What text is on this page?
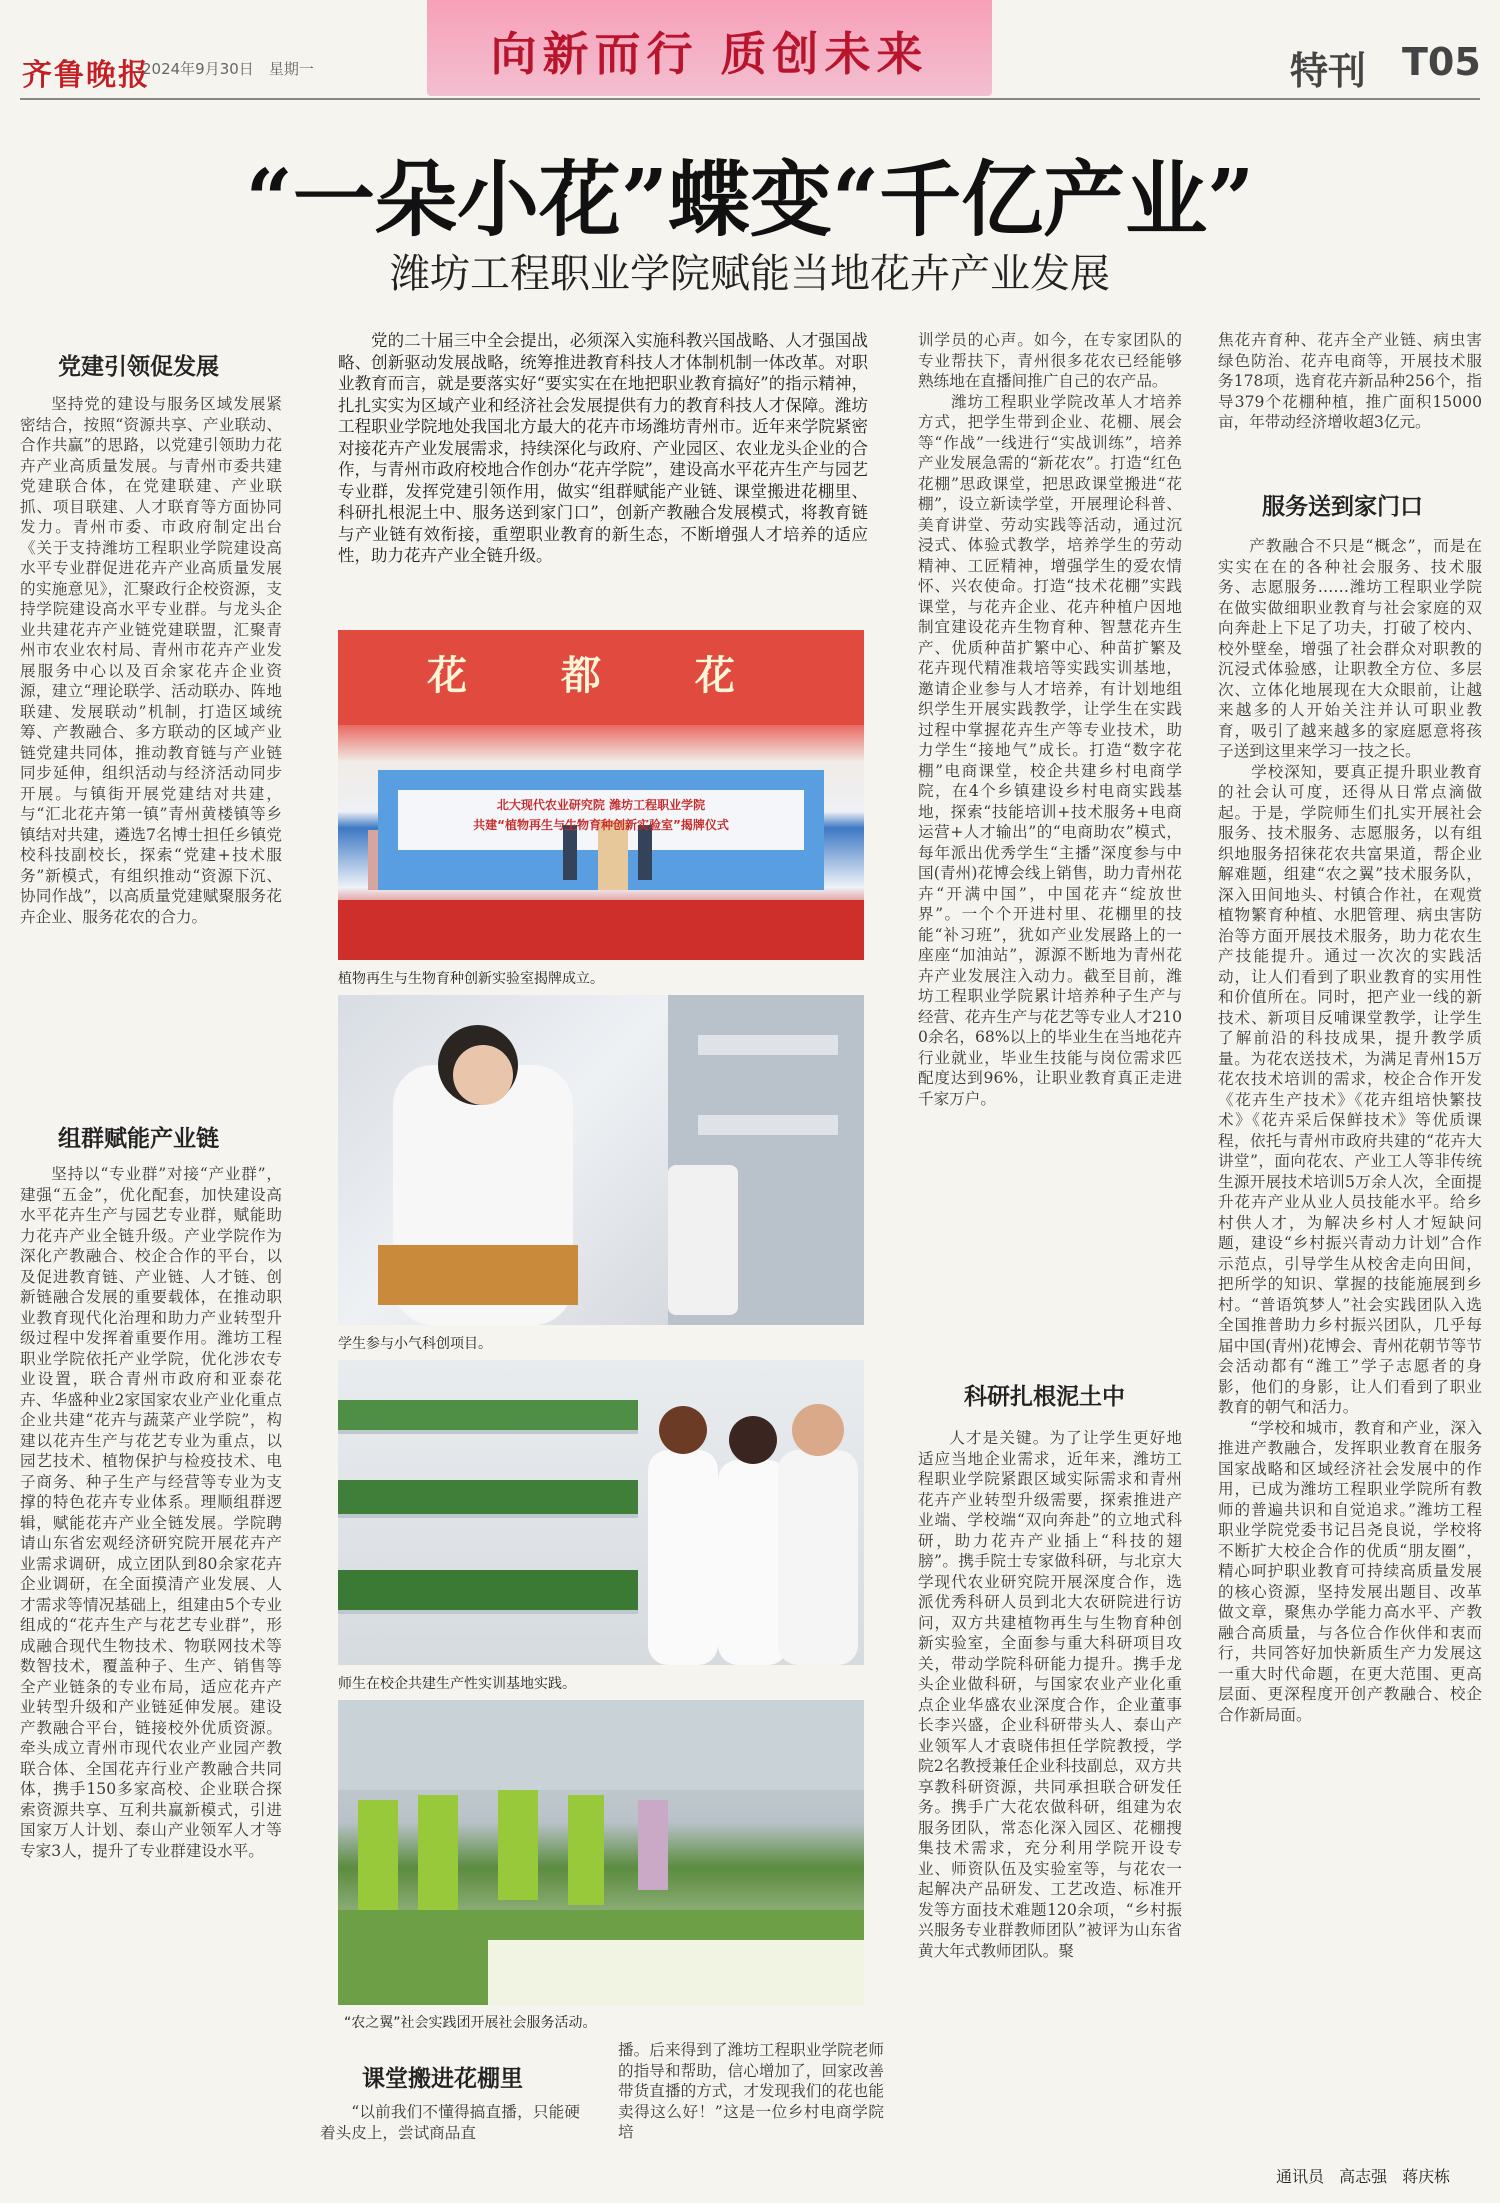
齐鲁晚报
2024年9月30日　 星期一	向新而行 质创未来	特刊 T05
“一朵小花”蝶变“千亿产业”
潍坊工程职业学院赋能当地花卉产业发展
党建引领促发展
坚持党的建设与服务区域发展紧密结合，按照“资源共享、产业联动、合作共赢”的思路，以党建引领助力花卉产业高质量发展。与青州市委共建党建联合体，在党建联建、产业联抓、项目联建、人才联育等方面协同发力。青州市委、市政府制定出台《关于支持潍坊工程职业学院建设高水平专业群促进花卉产业高质量发展的实施意见》，汇聚政行企校资源，支持学院建设高水平专业群。与龙头企业共建花卉产业链党建联盟，汇聚青州市农业农村局、青州市花卉产业发展服务中心以及百余家花卉企业资源，建立“理论联学、活动联办、阵地联建、发展联动”机制，打造区域统筹、产教融合、多方联动的区域产业链党建共同体，推动教育链与产业链同步延伸，组织活动与经济活动同步开展。与镇街开展党建结对共建，与“汇北花卉第一镇”青州黄楼镇等乡镇结对共建，遴选7名博士担任乡镇党校科技副校长，探索“党建+技术服务”新模式，有组织推动“资源下沉、协同作战”，以高质量党建赋聚服务花卉企业、服务花农的合力。
组群赋能产业链
坚持以“专业群”对接“产业群”，建强“五金”，优化配套，加快建设高水平花卉生产与园艺专业群，赋能助力花卉产业全链升级。产业学院作为深化产教融合、校企合作的平台，以及促进教育链、产业链、人才链、创新链融合发展的重要载体，在推动职业教育现代化治理和助力产业转型升级过程中发挥着重要作用。潍坊工程职业学院依托产业学院，优化涉农专业设置，联合青州市政府和亚泰花卉、华盛种业2家国家农业产业化重点企业共建“花卉与蔬菜产业学院”，构建以花卉生产与花艺专业为重点，以园艺技术、植物保护与检疫技术、电子商务、种子生产与经营等专业为支撑的特色花卉专业体系。理顺组群逻辑，赋能花卉产业全链发展。学院聘请山东省宏观经济研究院开展花卉产业需求调研，成立团队到80余家花卉企业调研，在全面摸清产业发展、人才需求等情况基础上，组建由5个专业组成的“花卉生产与花艺专业群”，形成融合现代生物技术、物联网技术等数智技术，覆盖种子、生产、销售等全产业链条的专业布局，适应花卉产业转型升级和产业链延伸发展。建设产教融合平台，链接校外优质资源。牵头成立青州市现代农业产业园产教联合体、全国花卉行业产教融合共同体，携手150多家高校、企业联合探索资源共享、互利共赢新模式，引进国家万人计划、泰山产业领军人才等专家3人，提升了专业群建设水平。
党的二十届三中全会提出，必须深入实施科教兴国战略、人才强国战略、创新驱动发展战略，统筹推进教育科技人才体制机制一体改革。对职业教育而言，就是要落实好“要实实在在地把职业教育搞好”的指示精神，扎扎实实为区域产业和经济社会发展提供有力的教育科技人才保障。潍坊工程职业学院地处我国北方最大的花卉市场潍坊青州市。近年来学院紧密对接花卉产业发展需求，持续深化与政府、产业园区、农业龙头企业的合作，与青州市政府校地合作创办“花卉学院”，建设高水平花卉生产与园艺专业群，发挥党建引领作用，做实“组群赋能产业链、课堂搬进花棚里、科研扎根泥土中、服务送到家门口”，创新产教融合发展模式，将教育链与产业链有效衔接，重塑职业教育的新生态，不断增强人才培养的适应性，助力花卉产业全链升级。
花 都 花
北大现代农业研究院 潍坊工程职业学院
共建“植物再生与生物育种创新实验室”揭牌仪式
植物再生与生物育种创新实验室揭牌成立。
学生参与小气科创项目。
师生在校企共建生产性实训基地实践。
“农之翼”社会实践团开展社会服务活动。
课堂搬进花棚里
“以前我们不懂得搞直播，只能硬着头皮上，尝试商品直
播。后来得到了潍坊工程职业学院老师的指导和帮助，信心增加了，回家改善带货直播的方式，才发现我们的花也能卖得这么好！”这是一位乡村电商学院培
训学员的心声。如今，在专家团队的专业帮扶下，青州很多花农已经能够熟练地在直播间推广自己的农产品。
　　潍坊工程职业学院改革人才培养方式，把学生带到企业、花棚、展会等“作战”一线进行“实战训练”，培养产业发展急需的“新花农”。打造“红色花棚”思政课堂，把思政课堂搬进“花棚”，设立新读学堂，开展理论科普、美育讲堂、劳动实践等活动，通过沉浸式、体验式教学，培养学生的劳动精神、工匠精神，增强学生的爱农情怀、兴农使命。打造“技术花棚”实践课堂，与花卉企业、花卉种植户因地制宜建设花卉生物育种、智慧花卉生产、优质种苗扩繁中心、种苗扩繁及花卉现代精准栽培等实践实训基地，邀请企业参与人才培养，有计划地组织学生开展实践教学，让学生在实践过程中掌握花卉生产等专业技术，助力学生“接地气”成长。打造“数字花棚”电商课堂，校企共建乡村电商学院，在4个乡镇建设乡村电商实践基地，探索“技能培训+技术服务+电商运营+人才输出”的“电商助农”模式，每年派出优秀学生“主播”深度参与中国(青州)花博会线上销售，助力青州花卉“开满中国”，中国花卉“绽放世界”。一个个开进村里、花棚里的技能“补习班”，犹如产业发展路上的一座座“加油站”，源源不断地为青州花卉产业发展注入动力。截至目前，潍坊工程职业学院累计培养种子生产与经营、花卉生产与花艺等专业人才2100余名，68%以上的毕业生在当地花卉行业就业，毕业生技能与岗位需求匹配度达到96%，让职业教育真正走进千家万户。
科研扎根泥土中
人才是关键。为了让学生更好地适应当地企业需求，近年来，潍坊工程职业学院紧跟区域实际需求和青州花卉产业转型升级需要，探索推进产业端、学校端“双向奔赴”的立地式科研，助力花卉产业插上“科技的翅膀”。携手院士专家做科研，与北京大学现代农业研究院开展深度合作，选派优秀科研人员到北大农研院进行访问，双方共建植物再生与生物育种创新实验室，全面参与重大科研项目攻关，带动学院科研能力提升。携手龙头企业做科研，与国家农业产业化重点企业华盛农业深度合作，企业董事长李兴盛，企业科研带头人、泰山产业领军人才袁晓伟担任学院教授，学院2名教授兼任企业科技副总，双方共享教科研资源，共同承担联合研发任务。携手广大花农做科研，组建为农服务团队，常态化深入园区、花棚搜集技术需求，充分利用学院开设专业、师资队伍及实验室等，与花农一起解决产品研发、工艺改造、标准开发等方面技术难题120余项，“乡村振兴服务专业群教师团队”被评为山东省黄大年式教师团队。聚
焦花卉育种、花卉全产业链、病虫害绿色防治、花卉电商等，开展技术服务178项，选育花卉新品种256个，指导379个花棚种植，推广面积15000亩，年带动经济增收超3亿元。
服务送到家门口
产教融合不只是“概念”，而是在实实在在的各种社会服务、技术服务、志愿服务……潍坊工程职业学院在做实做细职业教育与社会家庭的双向奔赴上下足了功夫，打破了校内、校外壁垒，增强了社会群众对职教的沉浸式体验感，让职教全方位、多层次、立体化地展现在大众眼前，让越来越多的人开始关注并认可职业教育，吸引了越来越多的家庭愿意将孩子送到这里来学习一技之长。
　　学校深知，要真正提升职业教育的社会认可度，还得从日常点滴做起。于是，学院师生们扎实开展社会服务、技术服务、志愿服务，以有组织地服务招徕花农共富果道，帮企业解难题，组建“农之翼”技术服务队，深入田间地头、村镇合作社，在观赏植物繁育种植、水肥管理、病虫害防治等方面开展技术服务，助力花农生产技能提升。通过一次次的实践活动，让人们看到了职业教育的实用性和价值所在。同时，把产业一线的新技术、新项目反哺课堂教学，让学生了解前沿的科技成果，提升教学质量。为花农送技术，为满足青州15万花农技术培训的需求，校企合作开发《花卉生产技术》《花卉组培快繁技术》《花卉采后保鲜技术》等优质课程，依托与青州市政府共建的“花卉大讲堂”，面向花农、产业工人等非传统生源开展技术培训5万余人次，全面提升花卉产业从业人员技能水平。给乡村供人才，为解决乡村人才短缺问题，建设“乡村振兴青动力计划”合作示范点，引导学生从校舍走向田间，把所学的知识、掌握的技能施展到乡村。“普语筑梦人”社会实践团队入选全国推普助力乡村振兴团队，几乎每届中国(青州)花博会、青州花朝节等节会活动都有“潍工”学子志愿者的身影，他们的身影，让人们看到了职业教育的朝气和活力。
　　“学校和城市，教育和产业，深入推进产教融合，发挥职业教育在服务国家战略和区域经济社会发展中的作用，已成为潍坊工程职业学院所有教师的普遍共识和自觉追求。”潍坊工程职业学院党委书记吕尧良说，学校将不断扩大校企合作的优质“朋友圈”，精心呵护职业教育可持续高质量发展的核心资源，坚持发展出题目、改革做文章，聚焦办学能力高水平、产教融合高质量，与各位合作伙伴和衷而行，共同答好加快新质生产力发展这一重大时代命题，在更大范围、更高层面、更深程度开创产教融合、校企合作新局面。
通讯员 高志强 蒋庆栋
